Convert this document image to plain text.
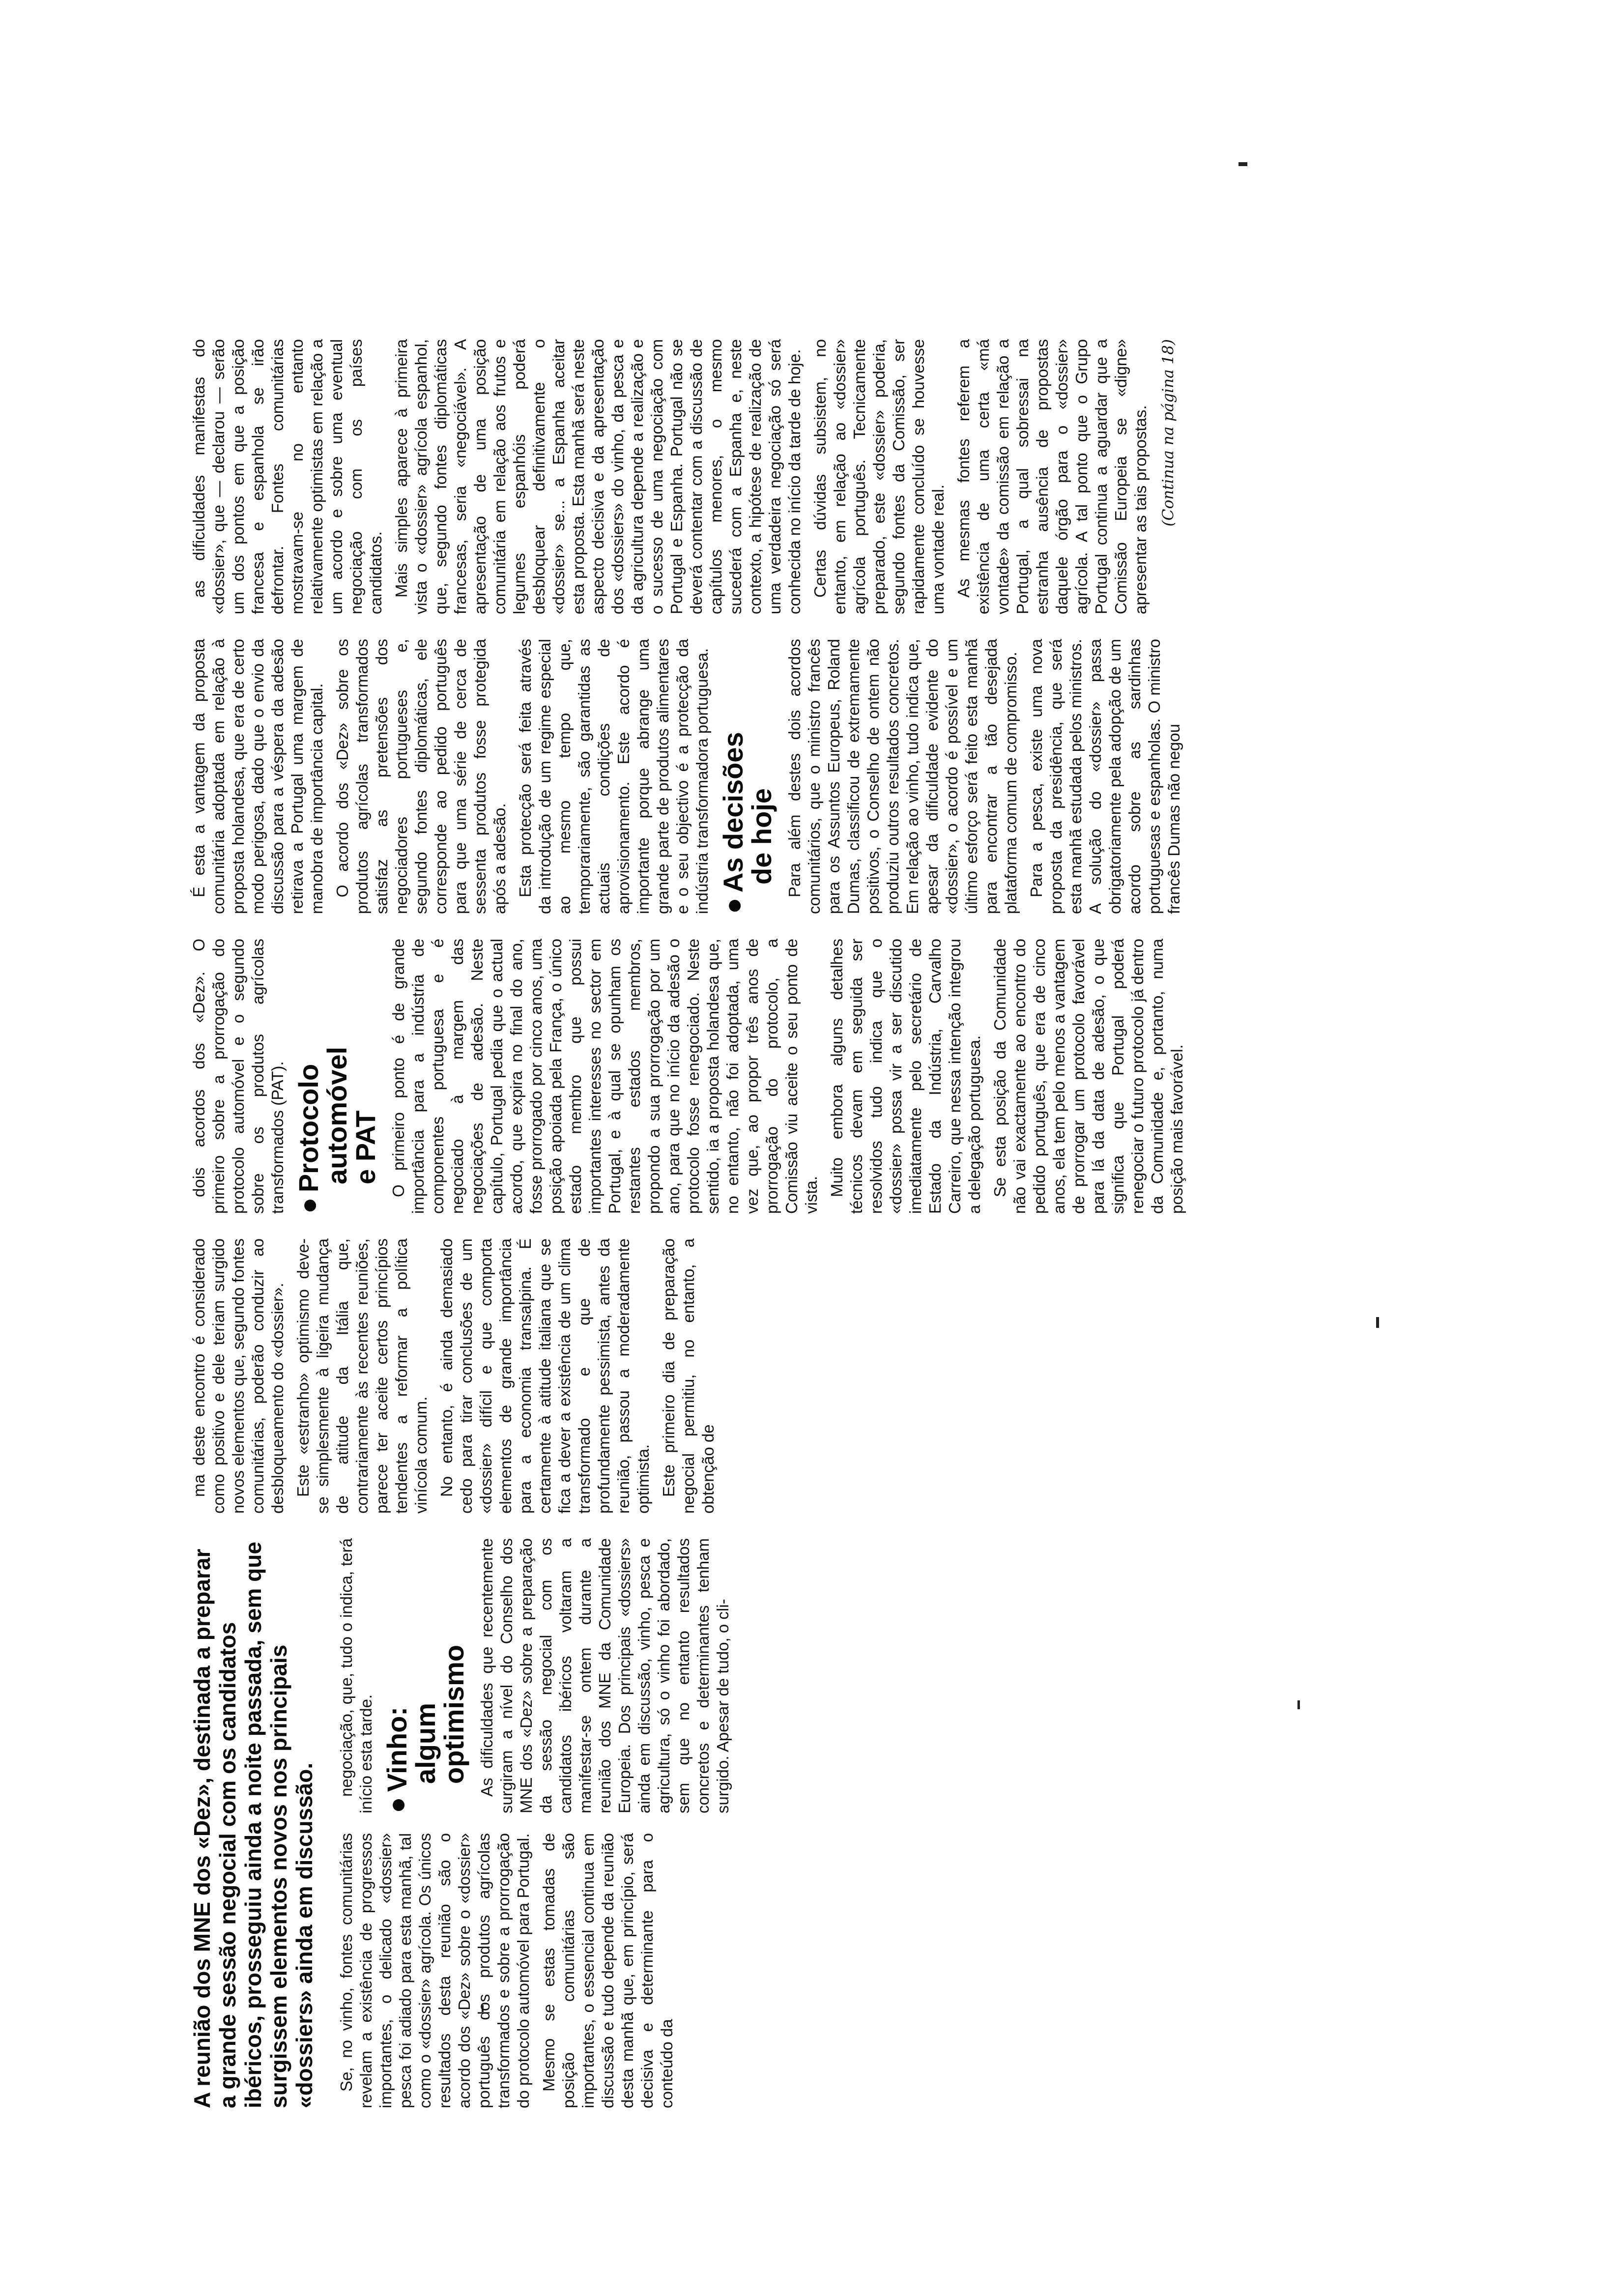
A reunião dos MNE dos «Dez», destinada a preparar a grande sessão negocial com os candidatos ibéricos, prosseguiu ainda a noite passada, sem que surgissem elementos novos nos principais «dossiers» ainda em discussão. Se, no vinho, fontes comunitárias revelam a existência de progressos importantes, o delicado «dossier» pesca foi adiado para esta manhã, tal como o «dossier» agrícola. Os únicos resultados desta reunião são o acordo dos «Dez» sobre o «dossier» português dos produtos agrícolas transformados e sobre a prorrogação do protocolo automóvel para Portugal. Mesmo se estas tomadas de posição comunitárias são importantes, o essencial continua em discussão e tudo depende da reunião desta manhã que, em princípio, será decisiva e determinante para o conteúdo da

negociação, que, tudo o indica, terá início esta tarde. ●Vinho:
algum
optimismo As dificuldades que recentemente surgiram a nível do Conselho dos MNE dos «Dez» sobre a preparação da sessão negocial com os candidatos ibéricos voltaram a manifestar-se ontem durante a reunião dos MNE da Comunidade Europeia. Dos principais «dossiers» ainda em discussão, vinho, pesca e agricultura, só o vinho foi abordado, sem que no entanto resultados concretos e determinantes tenham surgido. Apesar de tudo, o cli-

ma deste encontro é considerado como positivo e dele teriam surgido novos elementos que, segundo fontes comunitárias, poderão conduzir ao desbloqueamento do «dossier». Este «estranho» optimismo deve-se simplesmente à ligeira mudança de atitude da Itália que, contrariamente às recentes reuniões, parece ter aceite certos princípios tendentes a reformar a política vinícola comum. No entanto, é ainda demasiado cedo para tirar conclusões de um «dossier» difícil e que comporta elementos de grande importância para a economia transalpina. É certamente à atitude italiana que se fica a dever a existência de um clima transformado e que de profundamente pessimista, antes da reunião, passou a moderadamente optimista. Este primeiro dia de preparação negocial permitiu, no entanto, a obtenção de

dois acordos dos «Dez». O primeiro sobre a prorrogação do protocolo automóvel e o segundo sobre os produtos agrícolas transformados (PAT). ●Protocolo
automóvel
e PAT O primeiro ponto é de grande importância para a indústria de componentes portuguesa e é negociado à margem das negociações de adesão. Neste capítulo, Portugal pedia que o actual acordo, que expira no final do ano, fosse prorrogado por cinco anos, uma posição apoiada pela França, o único estado membro que possui importantes interesses no sector em Portugal, e à qual se opunham os restantes estados membros, propondo a sua prorrogação por um ano, para que no início da adesão o protocolo fosse renegociado. Neste sentido, ia a proposta holandesa que, no entanto, não foi adoptada, uma vez que, ao propor três anos de prorrogação do protocolo, a Comissão viu aceite o seu ponto de vista. Muito embora alguns detalhes técnicos devam em seguida ser resolvidos tudo indica que o «dossier» possa vir a ser discutido imediatamente pelo secretário de Estado da Indústria, Carvalho Carreiro, que nessa intenção integrou a delegação portuguesa. Se esta posição da Comunidade não vai exactamente ao encontro do pedido português, que era de cinco anos, ela tem pelo menos a vantagem de prorrogar um protocolo favorável para lá da data de adesão, o que significa que Portugal poderá renegociar o futuro protocolo já dentro da Comunidade e, portanto, numa posição mais favorável.

É esta a vantagem da proposta comunitária adoptada em relação à proposta holandesa, que era de certo modo perigosa, dado que o envio da discussão para a véspera da adesão retirava a Portugal uma margem de manobra de importância capital. O acordo dos «Dez» sobre os produtos agrícolas transformados satisfaz as pretensões dos negociadores portugueses e, segundo fontes diplomáticas, ele corresponde ao pedido português para que uma série de cerca de sessenta produtos fosse protegida após a adesão. Esta protecção será feita através da introdução de um regime especial ao mesmo tempo que, temporariamente, são garantidas as actuais condições de aprovisionamento. Este acordo é importante porque abrange uma grande parte de produtos alimentares e o seu objectivo é a protecção da indústria transformadora portuguesa. ●As decisões
de hoje Para além destes dois acordos comunitários, que o ministro francês para os Assuntos Europeus, Roland Dumas, classificou de extremamente positivos, o Conselho de ontem não produziu outros resultados concretos. Em relação ao vinho, tudo indica que, apesar da dificuldade evidente do «dossier», o acordo é possível e um último esforço será feito esta manhã para encontrar a tão desejada plataforma comum de compromisso. Para a pesca, existe uma nova proposta da presidência, que será esta manhã estudada pelos ministros. A solução do «dossier» passa obrigatoriamente pela adopção de um acordo sobre as sardinhas portuguesas e espanholas. O ministro francês Dumas não negou

as dificuldades manifestas do «dossier», que — declarou — serão um dos pontos em que a posição francesa e espanhola se irão defrontar. Fontes comunitárias mostravam-se no entanto relativamente optimistas em relação a um acordo e sobre uma eventual negociação com os países candidatos. Mais simples aparece à primeira vista o «dossier» agrícola espanhol, que, segundo fontes diplomáticas francesas, seria «negociável». A apresentação de uma posição comunitária em relação aos frutos e legumes espanhóis poderá desbloquear definitivamente o «dossier» se... a Espanha aceitar esta proposta. Esta manhã será neste aspecto decisiva e da apresentação dos «dossiers» do vinho, da pesca e da agricultura depende a realização e o sucesso de uma negociação com Portugal e Espanha. Portugal não se deverá contentar com a discussão de capítulos menores, o mesmo sucederá com a Espanha e, neste contexto, a hipótese de realização de uma verdadeira negociação só será conhecida no início da tarde de hoje. Certas dúvidas subsistem, no entanto, em relação ao «dossier» agrícola português. Tecnicamente preparado, este «dossier» poderia, segundo fontes da Comissão, ser rapidamente concluído se houvesse uma vontade real. As mesmas fontes referem a existência de uma certa «má vontade» da comissão em relação a Portugal, a qual sobressai na estranha ausência de propostas daquele órgão para o «dossier» agrícola. A tal ponto que o Grupo Portugal continua a aguardar que a Comissão Europeia se «digne» apresentar as tais propostas. (Continua na página 18)
